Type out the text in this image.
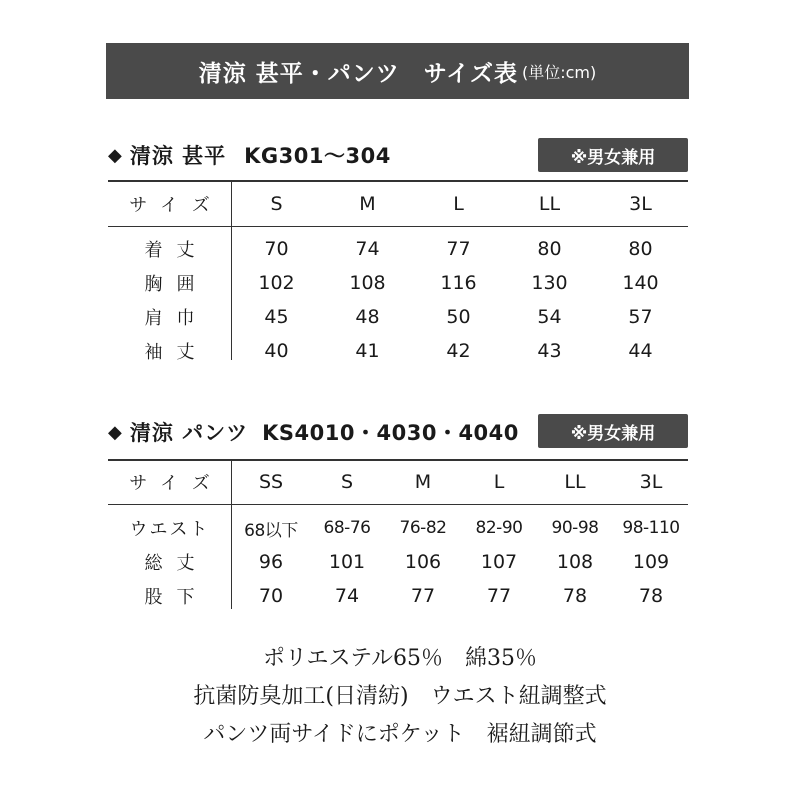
清涼 甚平・パンツ　サイズ表 (単位:cm)
◆ 清涼 甚平 KG301〜304	※男女兼用
サイズ	S	M	L	LL	3L
着丈	70	74	77	80	80
胸囲	102	108	116	130	140
肩巾	45	48	50	54	57
袖丈	40	41	42	43	44
◆ 清涼 パンツ KS4010・4030・4040	※男女兼用
サイズ	SS	S	M	L	LL	3L
ウエスト	68以下	68-76	76-82	82-90	90-98	98-110
総丈	96	101	106	107	108	109
股下	70	74	77	77	78	78
ポリエステル65％　綿35％
抗菌防臭加工(日清紡)　ウエスト紐調整式
パンツ両サイドにポケット　裾紐調節式
